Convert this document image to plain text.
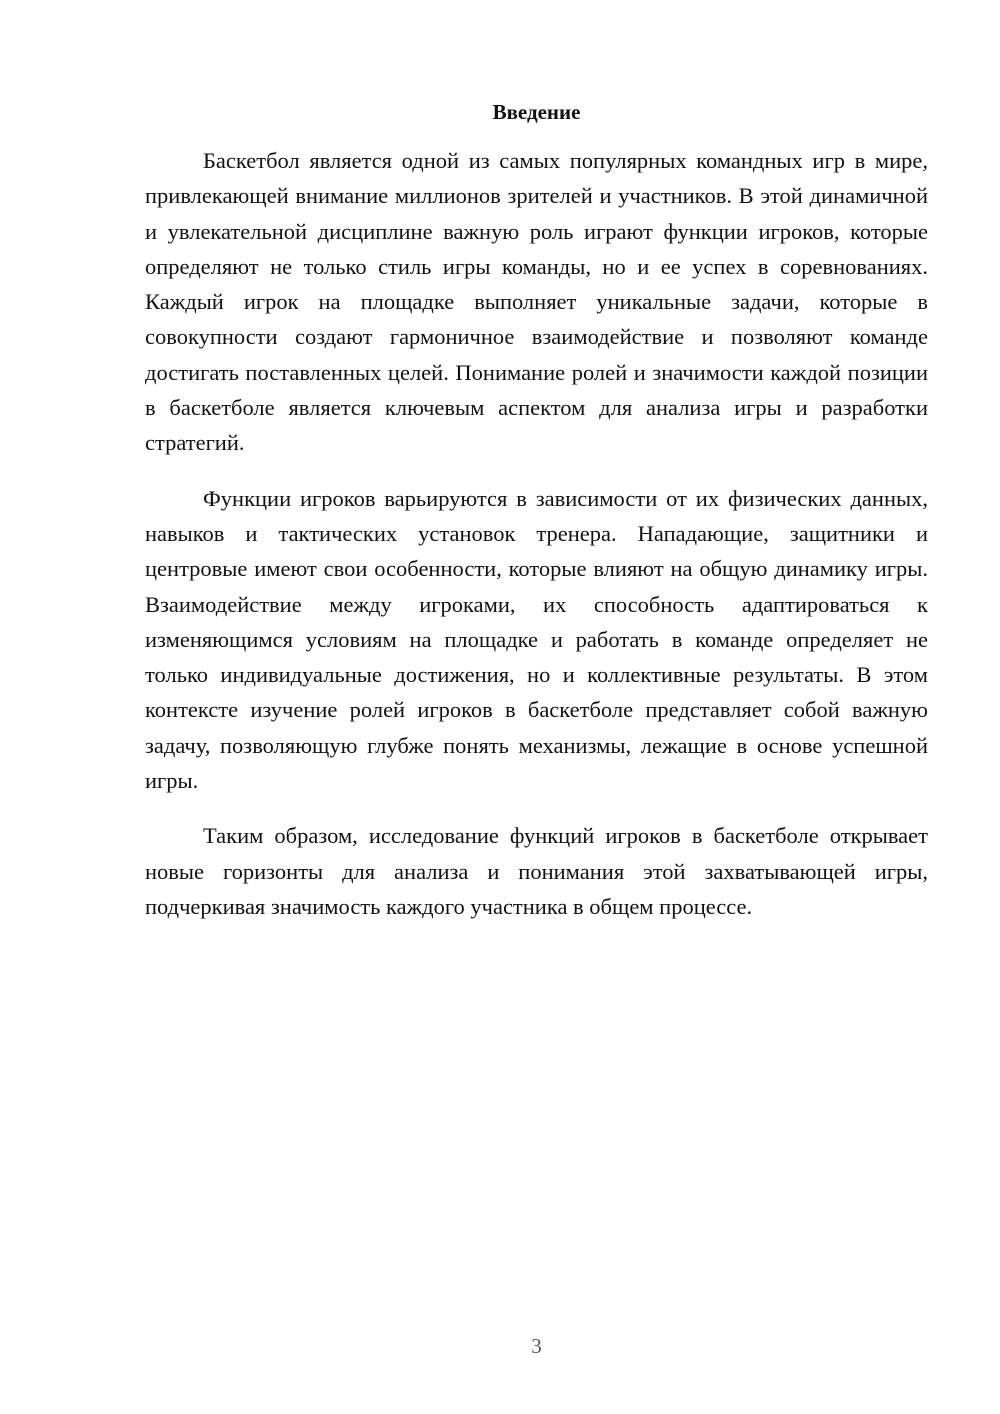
Введение

Баскетбол является одной из самых популярных командных игр в мире, привлекающей внимание миллионов зрителей и участников. В этой динамичной и увлекательной дисциплине важную роль играют функции игроков, которые определяют не только стиль игры команды, но и ее успех в соревнованиях. Каждый игрок на площадке выполняет уникальные задачи, которые в совокупности создают гармоничное взаимодействие и позволяют команде достигать поставленных целей. Понимание ролей и значимости каждой позиции в баскетболе является ключевым аспектом для анализа игры и разработки стратегий.

Функции игроков варьируются в зависимости от их физических данных, навыков и тактических установок тренера. Нападающие, защитники и центровые имеют свои особенности, которые влияют на общую динамику игры. Взаимодействие между игроками, их способность адаптироваться к изменяющимся условиям на площадке и работать в команде определяет не только индивидуальные достижения, но и коллективные результаты. В этом контексте изучение ролей игроков в баскетболе представляет собой важную задачу, позволяющую глубже понять механизмы, лежащие в основе успешной игры.

Таким образом, исследование функций игроков в баскетболе открывает новые горизонты для анализа и понимания этой захватывающей игры, подчеркивая значимость каждого участника в общем процессе.

3
